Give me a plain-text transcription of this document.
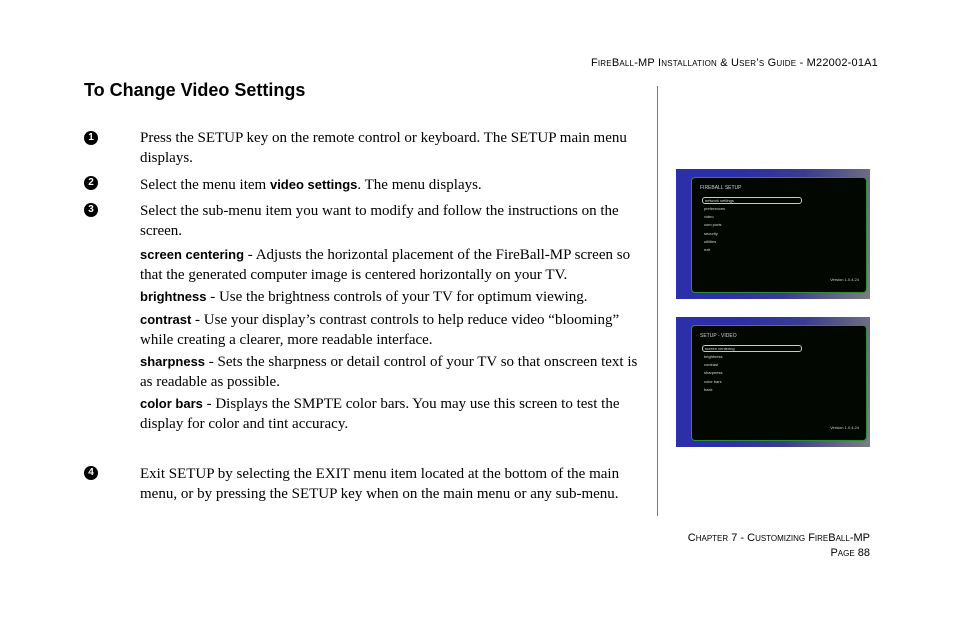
FireBall-MP Installation & User’s Guide - M22002-01A1
To Change Video Settings
1	Press the SETUP key on the remote control or keyboard. The SETUP main menu displays.
2	Select the menu item video settings. The menu displays.
3	Select the sub-menu item you want to modify and follow the instructions on the screen.
screen centering - Adjusts the horizontal placement of the FireBall-MP screen so that the generated computer image is centered horizontally on your TV.
brightness - Use the brightness controls of your TV for optimum viewing.
contrast - Use your display’s contrast controls to help reduce video “blooming” while creating a clearer, more readable interface.
sharpness - Sets the sharpness or detail control of your TV so that onscreen text is as readable as possible.
color bars - Displays the SMPTE color bars. You may use this screen to test the display for color and tint accuracy.
4	Exit SETUP by selecting the EXIT menu item located at the bottom of the main menu, or by pressing the SETUP key when on the main menu or any sub-menu.
FIREBALL SETUP
network settings
preferences
video
com ports
security
utilities
exit
Version 1.0.4.24
SETUP - VIDEO
screen centering
brightness
contrast
sharpness
color bars
back
Version 1.0.4.24
Chapter 7 - Customizing FireBall-MP
Page 88
